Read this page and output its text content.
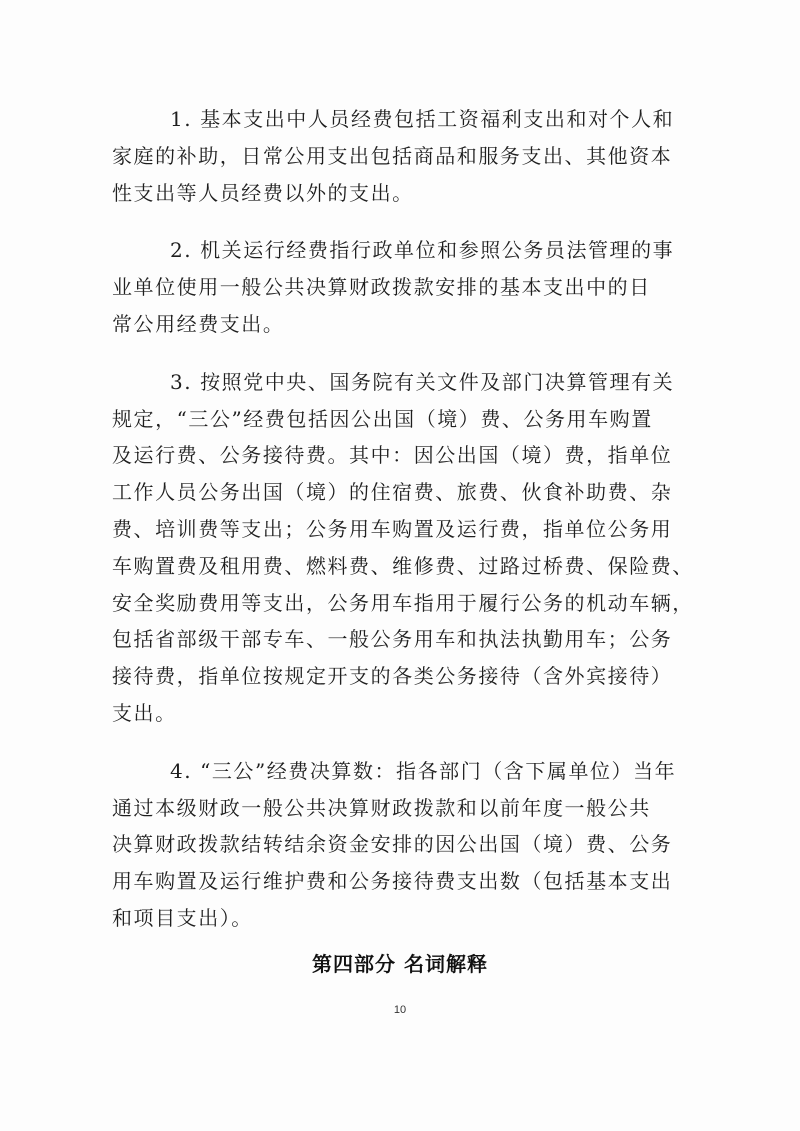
1. 基本支出中人员经费包括工资福利支出和对个人和
家庭的补助，日常公用支出包括商品和服务支出、其他资本
性支出等人员经费以外的支出。

2. 机关运行经费指行政单位和参照公务员法管理的事
业单位使用一般公共决算财政拨款安排的基本支出中的日
常公用经费支出。

3. 按照党中央、国务院有关文件及部门决算管理有关
规定，“三公”经费包括因公出国（境）费、公务用车购置
及运行费、公务接待费。其中：因公出国（境）费，指单位
工作人员公务出国（境）的住宿费、旅费、伙食补助费、杂
费、培训费等支出；公务用车购置及运行费，指单位公务用
车购置费及租用费、燃料费、维修费、过路过桥费、保险费、
安全奖励费用等支出，公务用车指用于履行公务的机动车辆，
包括省部级干部专车、一般公务用车和执法执勤用车；公务
接待费，指单位按规定开支的各类公务接待（含外宾接待）
支出。

4. “三公”经费决算数：指各部门（含下属单位）当年
通过本级财政一般公共决算财政拨款和以前年度一般公共
决算财政拨款结转结余资金安排的因公出国（境）费、公务
用车购置及运行维护费和公务接待费支出数（包括基本支出
和项目支出）。

第四部分 名词解释
10
